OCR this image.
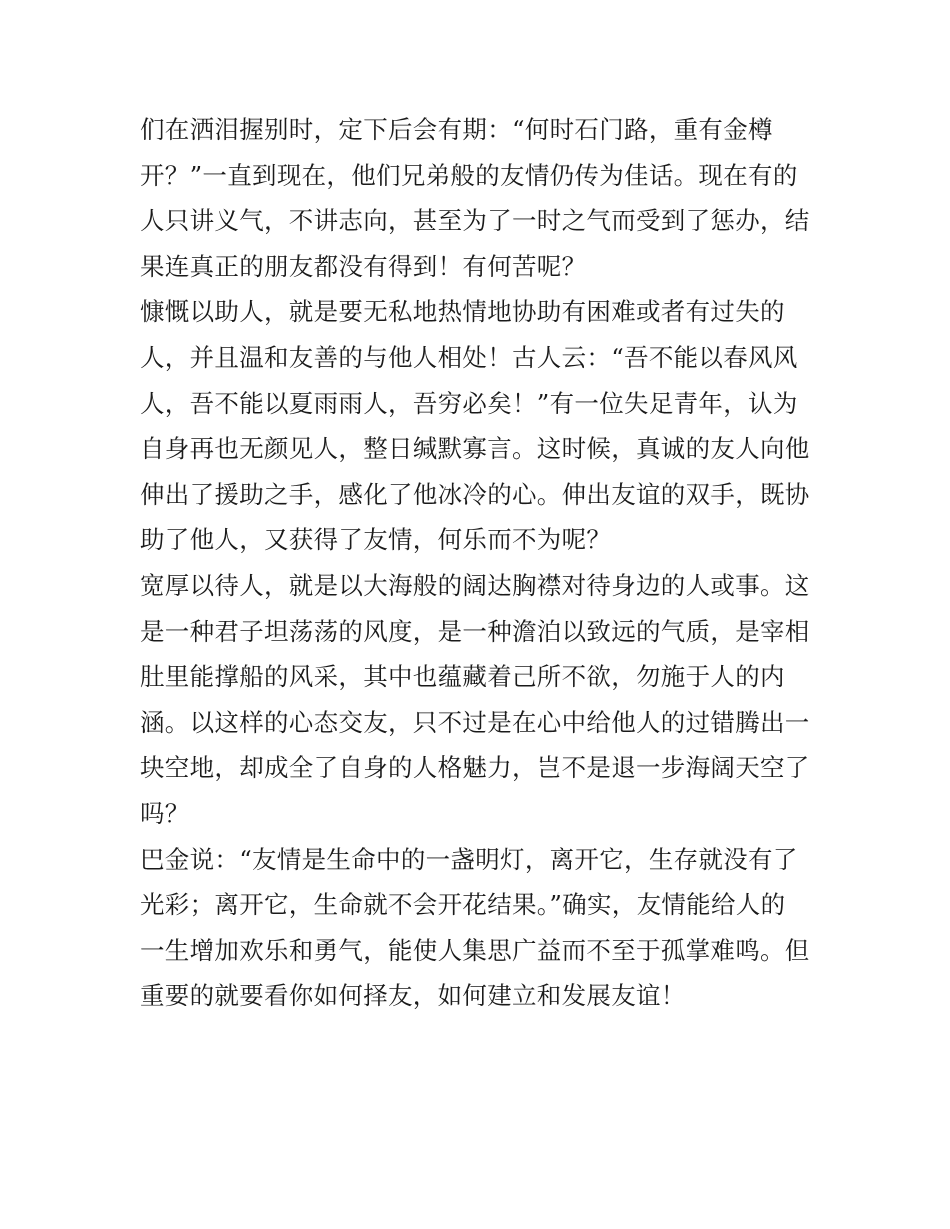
们在洒泪握别时，定下后会有期：“何时石门路，重有金樽
开？”一直到现在，他们兄弟般的友情仍传为佳话。现在有的
人只讲义气，不讲志向，甚至为了一时之气而受到了惩办，结
果连真正的朋友都没有得到！有何苦呢？
慷慨以助人，就是要无私地热情地协助有困难或者有过失的
人，并且温和友善的与他人相处！古人云：“吾不能以春风风
人，吾不能以夏雨雨人，吾穷必矣！”有一位失足青年，认为
自身再也无颜见人，整日缄默寡言。这时候，真诚的友人向他
伸出了援助之手，感化了他冰冷的心。伸出友谊的双手，既协
助了他人，又获得了友情，何乐而不为呢？
宽厚以待人，就是以大海般的阔达胸襟对待身边的人或事。这
是一种君子坦荡荡的风度，是一种澹泊以致远的气质，是宰相
肚里能撑船的风采，其中也蕴藏着己所不欲，勿施于人的内
涵。以这样的心态交友，只不过是在心中给他人的过错腾出一
块空地，却成全了自身的人格魅力，岂不是退一步海阔天空了
吗？
巴金说：“友情是生命中的一盏明灯，离开它，生存就没有了
光彩；离开它，生命就不会开花结果。”确实，友情能给人的
一生增加欢乐和勇气，能使人集思广益而不至于孤掌难鸣。但
重要的就要看你如何择友，如何建立和发展友谊！
